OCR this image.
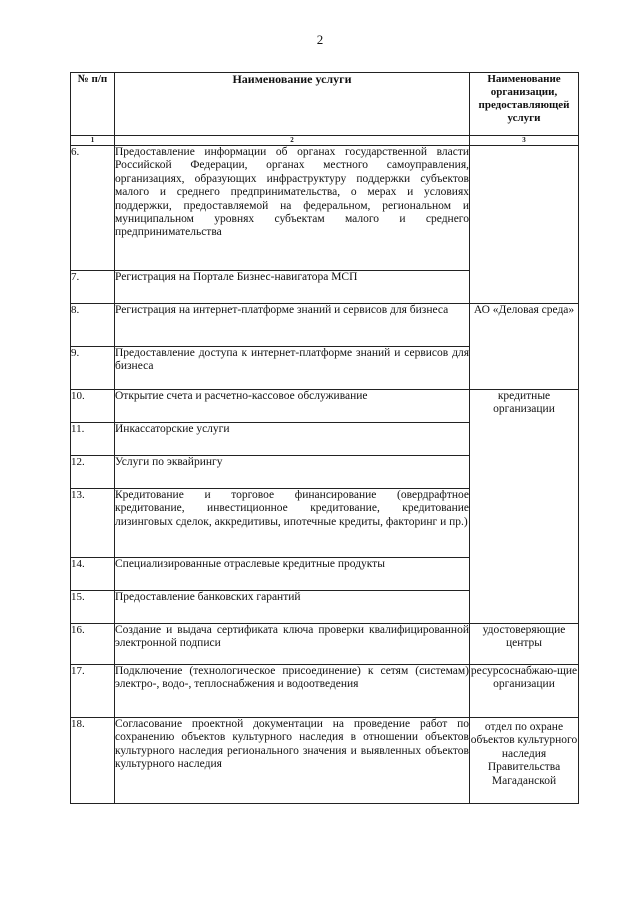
2
№ п/п	Наименование услуги	Наименование организации, предоставляющей услуги
1	2	3
6.	Предоставление информации об органах государственной власти Российской Федерации, органах местного самоуправления, организациях, образующих инфраструктуру поддержки субъектов малого и среднего предпринимательства, о мерах и условиях поддержки, предоставляемой на федеральном, региональном и муниципальном уровнях субъектам малого и среднего предпринимательства	
7.	Регистрация на Портале Бизнес-навигатора МСП	
8.	Регистрация на интернет-платформе знаний и сервисов для бизнеса	АО «Деловая среда»
9.	Предоставление доступа к интернет-платформе знаний и сервисов для бизнеса	
10.	Открытие счета и расчетно-кассовое обслуживание	кредитные организации
11.	Инкассаторские услуги	
12.	Услуги по эквайрингу	
13.	Кредитование и торговое финансирование (овердрафтное кредитование, инвестиционное кредитование, кредитование лизинговых сделок, аккредитивы, ипотечные кредиты, факторинг и пр.)	
14.	Специализированные отраслевые кредитные продукты	
15.	Предоставление банковских гарантий	
16.	Создание и выдача сертификата ключа проверки квалифицированной электронной подписи	удостоверяющие центры
17.	Подключение (технологическое присоединение) к сетям (системам) электро-, водо-, теплоснабжения и водоотведения	ресурсоснабжаю-щие организации
18.	Согласование проектной документации на проведение работ по сохранению объектов культурного наследия в отношении объектов культурного наследия регионального значения и выявленных объектов культурного наследия	отдел по охране объектов культурного наследия Правительства Магаданской
